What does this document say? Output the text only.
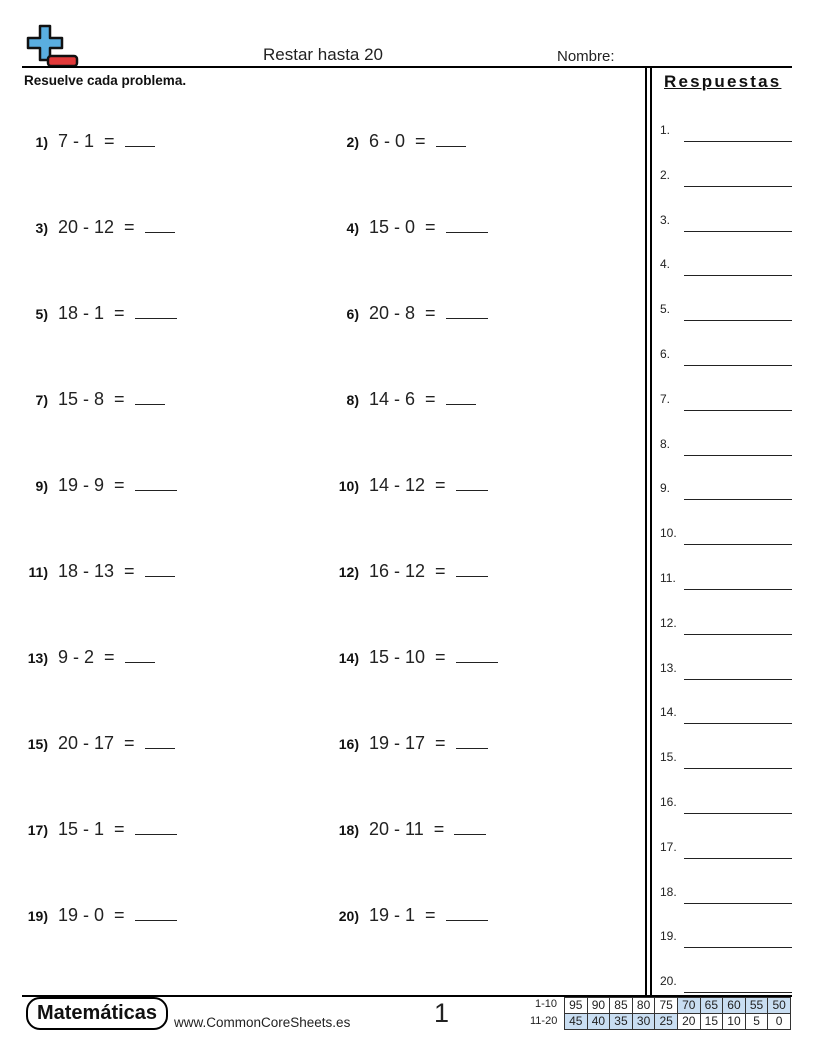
Restar hasta 20	Nombre:
Resuelve cada problema.	Respuestas
1) 7 - 1 =	2) 6 - 0 =
3) 20 - 12 =	4) 15 - 0 =
5) 18 - 1 =	6) 20 - 8 =
7) 15 - 8 =	8) 14 - 6 =
9) 19 - 9 =	10) 14 - 12 =
11) 18 - 13 =	12) 16 - 12 =
13) 9 - 2 =	14) 15 - 10 =
15) 20 - 17 =	16) 19 - 17 =
17) 15 - 1 =	18) 20 - 11 =
19) 19 - 0 =	20) 19 - 1 =
1.
2.
3.
4.
5.
6.
7.
8.
9.
10.
11.
12.
13.
14.
15.
16.
17.
18.
19.
20.
Matemáticas	www.CommonCoreSheets.es	1	1-10
11-20
95	90	85	80	75	70	65	60	55	50
45	40	35	30	25	20	15	10	5	0
